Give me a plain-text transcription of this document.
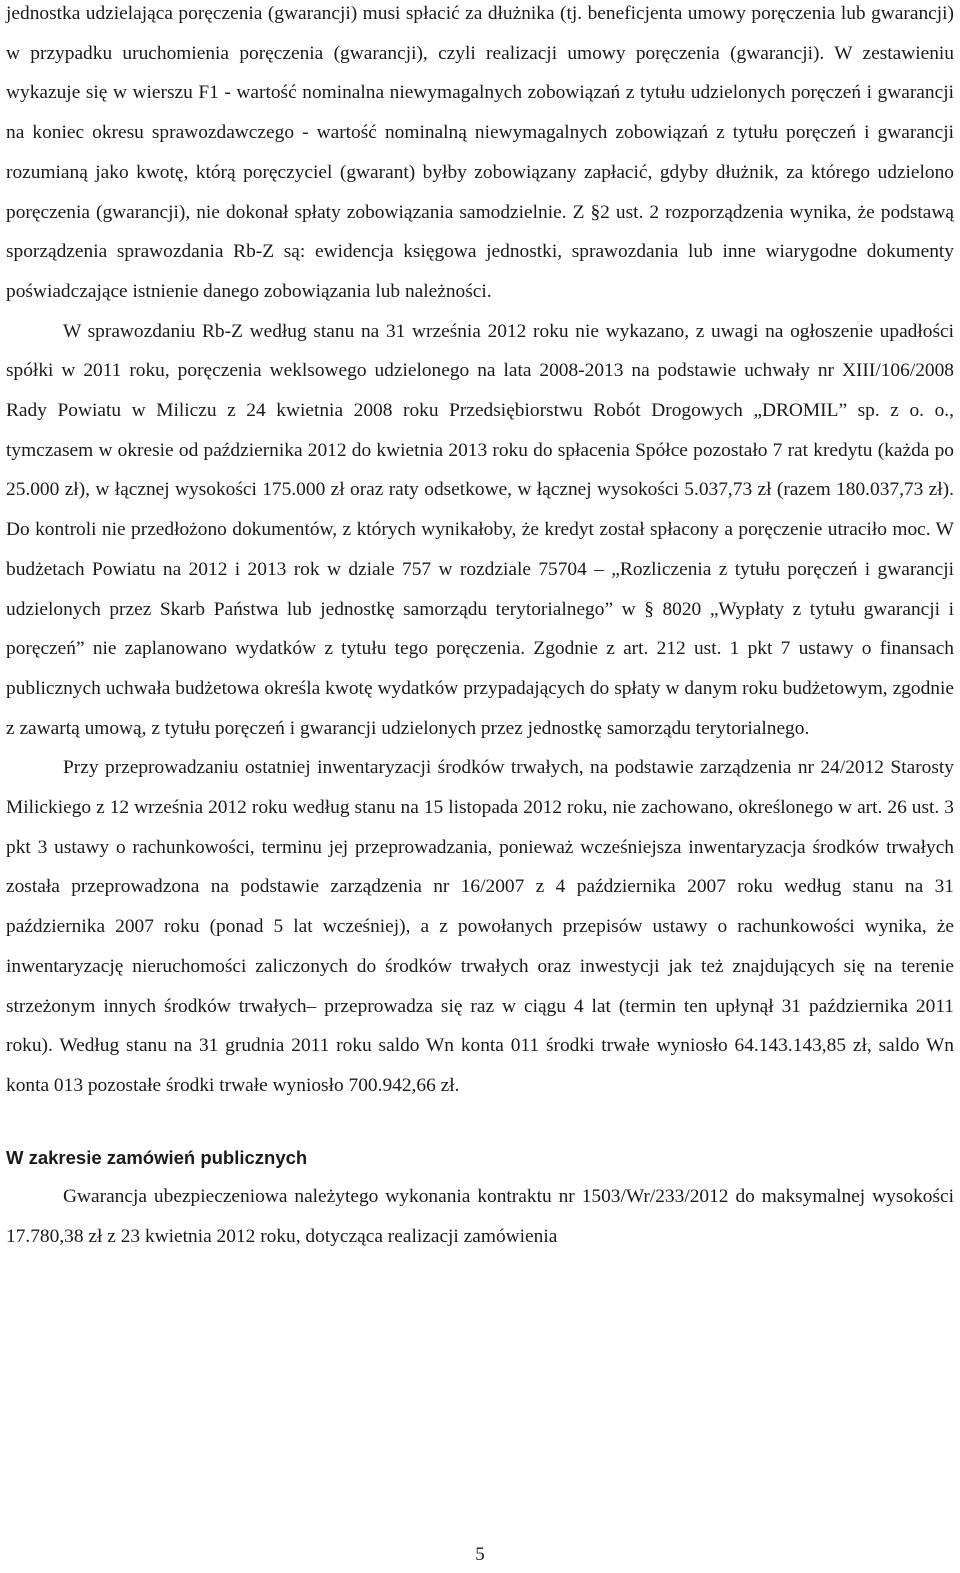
jednostka udzielająca poręczenia (gwarancji) musi spłacić za dłużnika (tj. beneficjenta umowy poręczenia lub gwarancji) w przypadku uruchomienia poręczenia (gwarancji), czyli realizacji umowy poręczenia (gwarancji). W zestawieniu wykazuje się w wierszu F1 - wartość nominalna niewymagalnych zobowiązań z tytułu udzielonych poręczeń i gwarancji na koniec okresu sprawozdawczego - wartość nominalną niewymagalnych zobowiązań z tytułu poręczeń i gwarancji rozumianą jako kwotę, którą poręczyciel (gwarant) byłby zobowiązany zapłacić, gdyby dłużnik, za którego udzielono poręczenia (gwarancji), nie dokonał spłaty zobowiązania samodzielnie. Z §2 ust. 2 rozporządzenia wynika, że podstawą sporządzenia sprawozdania Rb-Z są: ewidencja księgowa jednostki, sprawozdania lub inne wiarygodne dokumenty poświadczające istnienie danego zobowiązania lub należności.

W sprawozdaniu Rb-Z według stanu na 31 września 2012 roku nie wykazano, z uwagi na ogłoszenie upadłości spółki w 2011 roku, poręczenia weklsowego udzielonego na lata 2008-2013 na podstawie uchwały nr XIII/106/2008 Rady Powiatu w Miliczu z 24 kwietnia 2008 roku Przedsiębiorstwu Robót Drogowych „DROMIL” sp. z o. o., tymczasem w okresie od października 2012 do kwietnia 2013 roku do spłacenia Spółce pozostało 7 rat kredytu (każda po 25.000 zł), w łącznej wysokości 175.000 zł oraz raty odsetkowe, w łącznej wysokości 5.037,73 zł (razem 180.037,73 zł). Do kontroli nie przedłożono dokumentów, z których wynikałoby, że kredyt został spłacony a poręczenie utraciło moc. W budżetach Powiatu na 2012 i 2013 rok w dziale 757 w rozdziale 75704 – „Rozliczenia z tytułu poręczeń i gwarancji udzielonych przez Skarb Państwa lub jednostkę samorządu terytorialnego” w § 8020 „Wypłaty z tytułu gwarancji i poręczeń” nie zaplanowano wydatków z tytułu tego poręczenia. Zgodnie z art. 212 ust. 1 pkt 7 ustawy o finansach publicznych uchwała budżetowa określa kwotę wydatków przypadających do spłaty w danym roku budżetowym, zgodnie z zawartą umową, z tytułu poręczeń i gwarancji udzielonych przez jednostkę samorządu terytorialnego.

Przy przeprowadzaniu ostatniej inwentaryzacji środków trwałych, na podstawie zarządzenia nr 24/2012 Starosty Milickiego z 12 września 2012 roku według stanu na 15 listopada 2012 roku, nie zachowano, określonego w art. 26 ust. 3 pkt 3 ustawy o rachunkowości, terminu jej przeprowadzania, ponieważ wcześniejsza inwentaryzacja środków trwałych została przeprowadzona na podstawie zarządzenia nr 16/2007 z 4 października 2007 roku według stanu na 31 października 2007 roku (ponad 5 lat wcześniej), a z powołanych przepisów ustawy o rachunkowości wynika, że inwentaryzację nieruchomości zaliczonych do środków trwałych oraz inwestycji jak też znajdujących się na terenie strzeżonym innych środków trwałych– przeprowadza się raz w ciągu 4 lat (termin ten upłynął 31 października 2011 roku). Według stanu na 31 grudnia 2011 roku saldo Wn konta 011 środki trwałe wyniosło 64.143.143,85 zł, saldo Wn konta 013 pozostałe środki trwałe wyniosło 700.942,66 zł.

W zakresie zamówień publicznych

Gwarancja ubezpieczeniowa należytego wykonania kontraktu nr 1503/Wr/233/2012 do maksymalnej wysokości 17.780,38 zł z 23 kwietnia 2012 roku, dotycząca realizacji zamówienia

5
